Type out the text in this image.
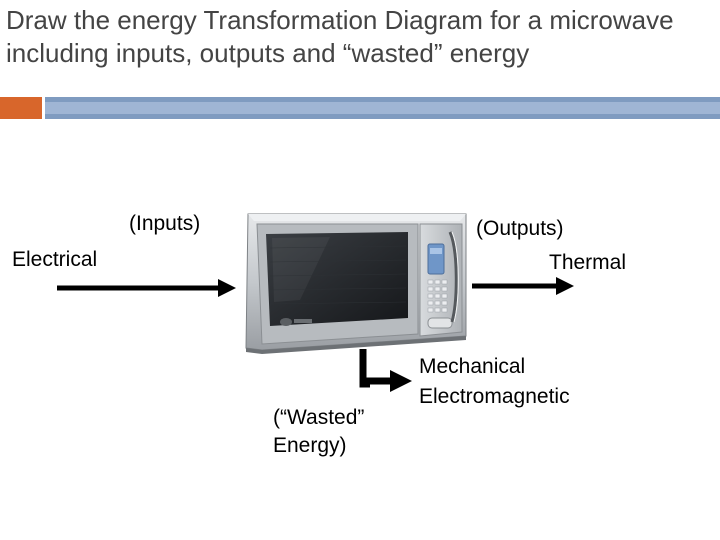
Draw the energy Transformation Diagram for a microwave including inputs, outputs and “wasted” energy
(Inputs)
Electrical
(Outputs)
Thermal
(“Wasted”
Energy)
Mechanical
Electromagnetic
